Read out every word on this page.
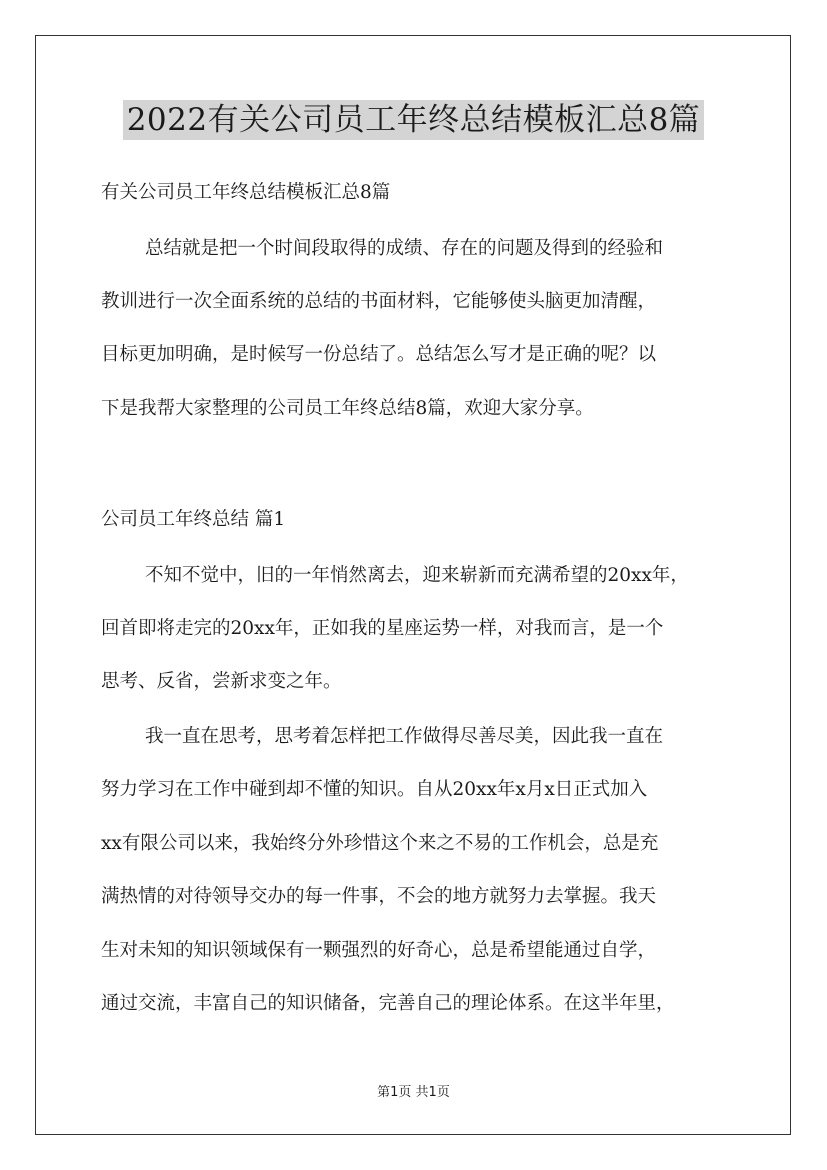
2022有关公司员工年终总结模板汇总8篇
有关公司员工年终总结模板汇总8篇
总结就是把一个时间段取得的成绩、存在的问题及得到的经验和
教训进行一次全面系统的总结的书面材料，它能够使头脑更加清醒，
目标更加明确，是时候写一份总结了。总结怎么写才是正确的呢？以
下是我帮大家整理的公司员工年终总结8篇，欢迎大家分享。
公司员工年终总结 篇1
不知不觉中，旧的一年悄然离去，迎来崭新而充满希望的20xx年，
回首即将走完的20xx年，正如我的星座运势一样，对我而言，是一个
思考、反省，尝新求变之年。
我一直在思考，思考着怎样把工作做得尽善尽美，因此我一直在
努力学习在工作中碰到却不懂的知识。自从20xx年x月x日正式加入
xx有限公司以来，我始终分外珍惜这个来之不易的工作机会，总是充
满热情的对待领导交办的每一件事，不会的地方就努力去掌握。我天
生对未知的知识领域保有一颗强烈的好奇心，总是希望能通过自学，
通过交流，丰富自己的知识储备，完善自己的理论体系。在这半年里，
第1页 共1页
